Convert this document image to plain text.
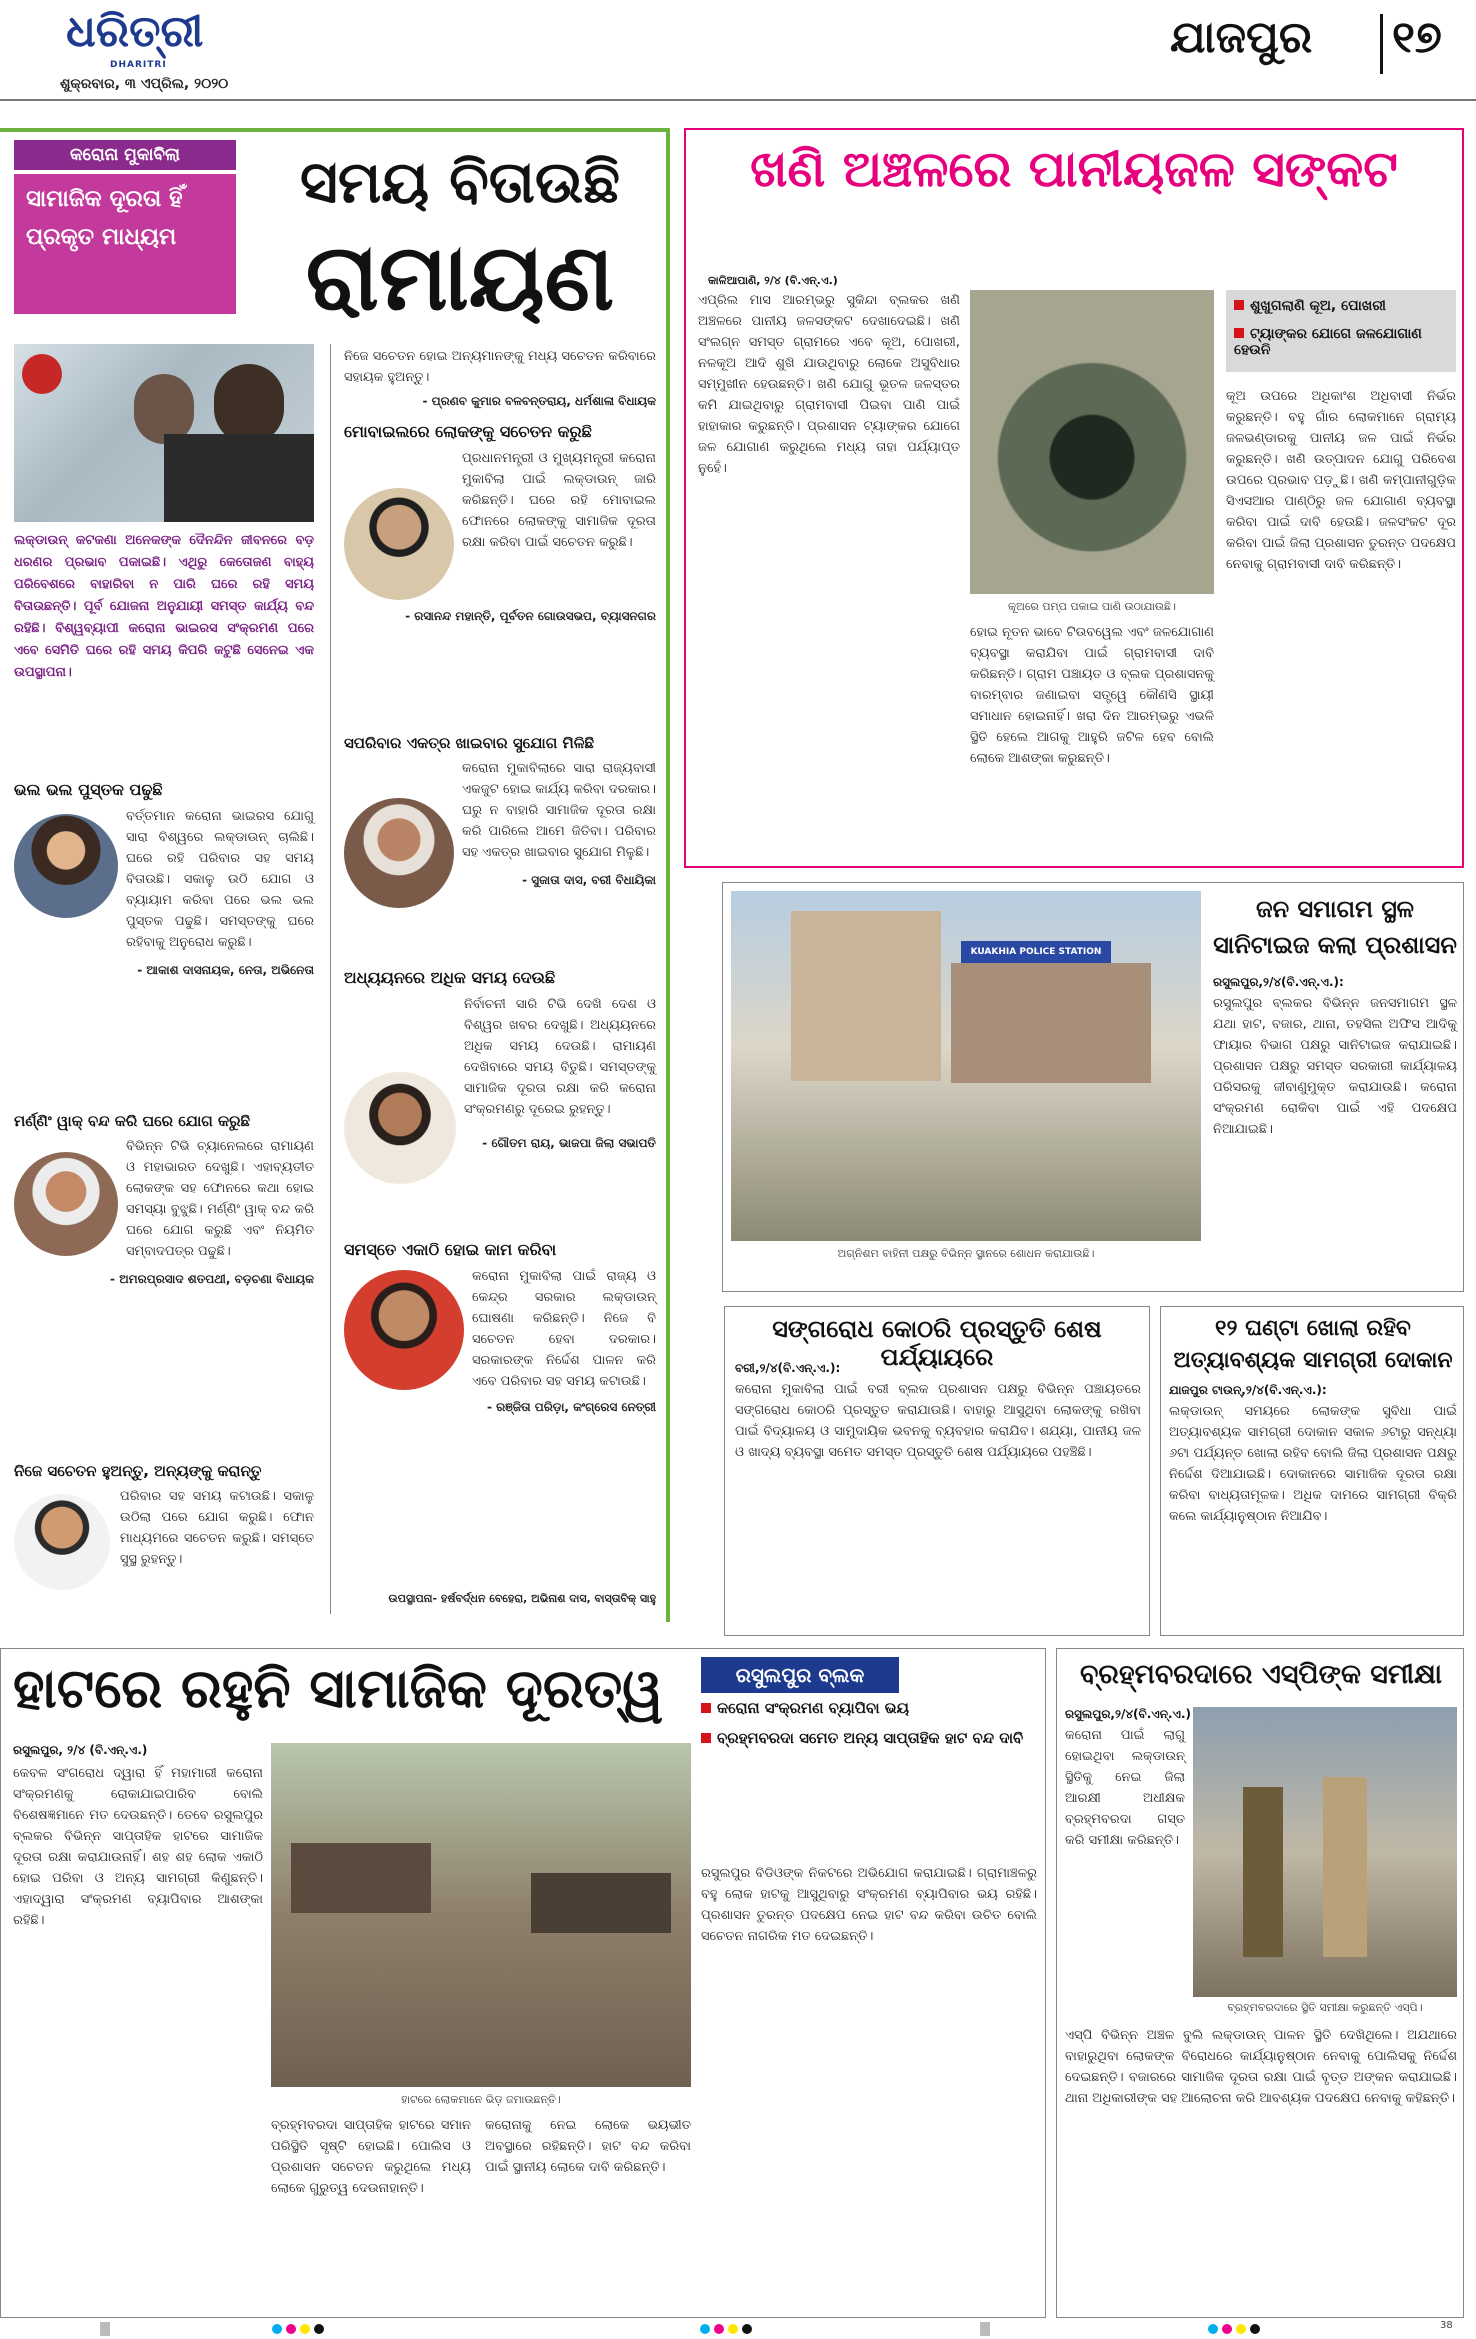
ଧରିତ୍ରୀ
DHARITRI
ଶୁକ୍ରବାର, ୩ ଏପ୍ରିଲ, ୨୦୨୦
ଯାଜପୁର ୧୭
କରୋନା ମୁକାବିଲା
ସାମାଜିକ ଦୂରତା ହିଁ ପ୍ରକୃତ ମାଧ୍ୟମ
ସମୟ ବିତାଉଛି
ରାମାୟଣ
ଲକ୍‌ଡାଉନ୍ କଟକଣା ଅନେକଙ୍କ ଦୈନନ୍ଦିନ ଜୀବନରେ ବଡ଼ ଧରଣର ପ୍ରଭାବ ପକାଇଛି। ଏଥିରୁ କେତୋଜଣ ବାହ୍ୟ ପରିବେଶରେ ବାହାରିବା ନ ପାରି ଘରେ ରହି ସମୟ ବିତାଉଛନ୍ତି। ପୂର୍ବ ଯୋଜନା ଅନୁଯାୟୀ ସମସ୍ତ କାର୍ଯ୍ୟ ବନ୍ଦ ରହିଛି। ବିଶ୍ୱବ୍ୟାପୀ କରୋନା ଭାଇରସ ସଂକ୍ରମଣ ପରେ ଏବେ ସେମିତି ଘରେ ରହି ସମୟ କିପରି କଟୁଛି ସେନେଇ ଏକ ଉପସ୍ଥାପନା।
ଭଲ ଭଲ ପୁସ୍ତକ ପଢୁଛି
ବର୍ତ୍ତମାନ କରୋନା ଭାଇରସ ଯୋଗୁ ସାରା ବିଶ୍ୱରେ ଲକ୍‌ଡାଉନ୍ ଚାଲିଛି। ଘରେ ରହି ପରିବାର ସହ ସମୟ ବିତାଉଛି। ସକାଳୁ ଉଠି ଯୋଗ ଓ ବ୍ୟାୟାମ କରିବା ପରେ ଭଲ ଭଲ ପୁସ୍ତକ ପଢୁଛି। ସମସ୍ତଙ୍କୁ ଘରେ ରହିବାକୁ ଅନୁରୋଧ କରୁଛି।
- ଆକାଶ ଦାସନାୟକ, ନେତା, ଅଭିନେତା
ମର୍ଣ୍ଣିଂ ୱାକ୍ ବନ୍ଦ କରି ଘରେ ଯୋଗ କରୁଛି
ବିଭିନ୍ନ ଟିଭି ଚ୍ୟାନେଲରେ ରାମାୟଣ ଓ ମହାଭାରତ ଦେଖୁଛି। ଏହାବ୍ୟତୀତ ଲୋକଙ୍କ ସହ ଫୋନରେ କଥା ହୋଇ ସମସ୍ୟା ବୁଝୁଛି। ମର୍ଣ୍ଣିଂ ୱାକ୍ ବନ୍ଦ କରି ଘରେ ଯୋଗ କରୁଛି ଏବଂ ନିୟମିତ ସମ୍ବାଦପତ୍ର ପଢୁଛି।
- ଅମରପ୍ରସାଦ ଶତପଥୀ, ବଡ଼ଚଣା ବିଧାୟକ
ନିଜେ ସଚେତନ ହୁଅନ୍ତୁ, ଅନ୍ୟଙ୍କୁ କରାନ୍ତୁ
ପରିବାର ସହ ସମୟ କଟାଉଛି। ସକାଳୁ ଉଠିଲା ପରେ ଯୋଗ କରୁଛି। ଫୋନ ମାଧ୍ୟମରେ ସଚେତନ କରୁଛି। ସମସ୍ତେ ସୁସ୍ଥ ରୁହନ୍ତୁ।
ନିଜେ ସଚେତନ ହୋଇ ଅନ୍ୟମାନଙ୍କୁ ମଧ୍ୟ ସଚେତନ କରିବାରେ ସହାୟକ ହୁଅନ୍ତୁ।
- ପ୍ରଣବ କୁମାର ବଳବନ୍ତରାୟ, ଧର୍ମଶାଳା ବିଧାୟକ
ମୋବାଇଲରେ ଲୋକଙ୍କୁ ସଚେତନ କରୁଛି
ପ୍ରଧାନମନ୍ତ୍ରୀ ଓ ମୁଖ୍ୟମନ୍ତ୍ରୀ କରୋନା ମୁକାବିଲା ପାଇଁ ଲକ୍‌ଡାଉନ୍ ଜାରି କରିଛନ୍ତି। ଘରେ ରହି ମୋବାଇଲ ଫୋନରେ ଲୋକଙ୍କୁ ସାମାଜିକ ଦୂରତା ରକ୍ଷା କରିବା ପାଇଁ ସଚେତନ କରୁଛି।
- ରସାନନ୍ଦ ମହାନ୍ତି, ପୂର୍ବତନ ଗୋଉସଭପ, ବ୍ୟାସନଗର
ସପରିବାର ଏକତ୍ର ଖାଇବାର ସୁଯୋଗ ମିଳିଛି
କରୋନା ମୁକାବିଲାରେ ସାରା ରାଜ୍ୟବାସୀ ଏକଜୁଟ ହୋଇ କାର୍ଯ୍ୟ କରିବା ଦରକାର। ଘରୁ ନ ବାହାରି ସାମାଜିକ ଦୂରତା ରକ୍ଷା କରି ପାରିଲେ ଆମେ ଜିତିବା। ପରିବାର ସହ ଏକତ୍ର ଖାଇବାର ସୁଯୋଗ ମିଳୁଛି।
- ସୁଜାତା ଦାସ, ବରୀ ବିଧାୟିକା
ଅଧ୍ୟୟନରେ ଅଧିକ ସମୟ ଦେଉଛି
ନିର୍ବାଚନୀ ସାରି ଟିଭି ଦେଖି ଦେଶ ଓ ବିଶ୍ୱର ଖବର ଦେଖୁଛି। ଅଧ୍ୟୟନରେ ଅଧିକ ସମୟ ଦେଉଛି। ରାମାୟଣ ଦେଖିବାରେ ସମୟ ବିତୁଛି। ସମସ୍ତଙ୍କୁ ସାମାଜିକ ଦୂରତା ରକ୍ଷା କରି କରୋନା ସଂକ୍ରମଣରୁ ଦୂରେଇ ରୁହନ୍ତୁ।
- ଗୌତମ ରାୟ, ଭାଜପା ଜିଲା ସଭାପତି
ସମସ୍ତେ ଏକାଠି ହୋଇ କାମ କରିବା
କରୋନା ମୁକାବିଲା ପାଇଁ ରାଜ୍ୟ ଓ କେନ୍ଦ୍ର ସରକାର ଲକ୍‌ଡାଉନ୍ ଘୋଷଣା କରିଛନ୍ତି। ନିଜେ ବି ସଚେତନ ହେବା ଦରକାର। ସରକାରଙ୍କ ନିର୍ଦ୍ଦେଶ ପାଳନ କରି ଏବେ ପରିବାର ସହ ସମୟ କଟାଉଛି।
- ରଞ୍ଜିତା ପରିଡ଼ା, କଂଗ୍ରେସ ନେତ୍ରୀ
ଉପସ୍ଥାପନା- ହର୍ଷବର୍ଦ୍ଧନ ବେହେରା, ଅଭିନାଶ ଦାସ, ବାସ୍ତାବିକ୍ ସାହୁ
ଖଣି ଅଞ୍ଚଳରେ ପାନୀୟଜଳ ସଙ୍କଟ
କାଳିଆପାଣି, ୨/୪ (ବି.ଏନ୍.ଏ.)
ଏପ୍ରିଲ ମାସ ଆରମ୍ଭରୁ ସୁକିନ୍ଦା ବ୍ଲକର ଖଣି ଅଞ୍ଚଳରେ ପାନୀୟ ଜଳସଙ୍କଟ ଦେଖାଦେଇଛି। ଖଣି ସଂଲଗ୍ନ ସମସ୍ତ ଗ୍ରାମରେ ଏବେ କୂଅ, ପୋଖରୀ, ନଳକୂଅ ଆଦି ଶୁଖି ଯାଉଥିବାରୁ ଲୋକେ ଅସୁବିଧାର ସମ୍ମୁଖୀନ ହେଉଛନ୍ତି। ଖଣି ଯୋଗୁ ଭୂତଳ ଜଳସ୍ତର କମି ଯାଇଥିବାରୁ ଗ୍ରାମବାସୀ ପିଇବା ପାଣି ପାଇଁ ହାହାକାର କରୁଛନ୍ତି। ପ୍ରଶାସନ ଟ୍ୟାଙ୍କର ଯୋଗେ ଜଳ ଯୋଗାଣ କରୁଥିଲେ ମଧ୍ୟ ତାହା ପର୍ଯ୍ୟାପ୍ତ ନୁହେଁ।
କୂଅରେ ପମ୍ପ ପକାଇ ପାଣି ଉଠାଯାଉଛି।
ହୋଇ ନୂତନ ଭାବେ ଟିଉବୱେଲ ଏବଂ ଜଳଯୋଗାଣ ବ୍ୟବସ୍ଥା କରାଯିବା ପାଇଁ ଗ୍ରାମବାସୀ ଦାବି କରିଛନ୍ତି। ଗ୍ରାମ ପଞ୍ଚାୟତ ଓ ବ୍ଲକ ପ୍ରଶାସନକୁ ବାରମ୍ବାର ଜଣାଇବା ସତ୍ତ୍ୱେ କୌଣସି ସ୍ଥାୟୀ ସମାଧାନ ହୋଇନାହିଁ। ଖରା ଦିନ ଆରମ୍ଭରୁ ଏଭଳି ସ୍ଥିତି ହେଲେ ଆଗକୁ ଆହୁରି ଜଟିଳ ହେବ ବୋଲି ଲୋକେ ଆଶଙ୍କା କରୁଛନ୍ତି।
ଶୁଖୁଗଲାଣି କୂଅ, ପୋଖରୀ
ଟ୍ୟାଙ୍କର ଯୋଗେ ଜଳଯୋଗାଣ ହେଉନି
କୂଅ ଉପରେ ଅଧିକାଂଶ ଅଧିବାସୀ ନିର୍ଭର କରୁଛନ୍ତି। ବହୁ ଗାଁର ଲୋକମାନେ ଗ୍ରାମ୍ୟ ଜଳଭଣ୍ଡାରକୁ ପାନୀୟ ଜଳ ପାଇଁ ନିର୍ଭର କରୁଛନ୍ତି। ଖଣି ଉତ୍ପାଦନ ଯୋଗୁ ପରିବେଶ ଉପରେ ପ୍ରଭାବ ପଡ଼ୁଛି। ଖଣି କମ୍ପାନୀଗୁଡ଼ିକ ସିଏସଆର ପାଣ୍ଠିରୁ ଜଳ ଯୋଗାଣ ବ୍ୟବସ୍ଥା କରିବା ପାଇଁ ଦାବି ହେଉଛି। ଜଳସଂକଟ ଦୂର କରିବା ପାଇଁ ଜିଲା ପ୍ରଶାସନ ତୁରନ୍ତ ପଦକ୍ଷେପ ନେବାକୁ ଗ୍ରାମବାସୀ ଦାବି କରିଛନ୍ତି।
KUAKHIA POLICE STATION
ଅଗ୍ନିଶମ ବାହିନୀ ପକ୍ଷରୁ ବିଭିନ୍ନ ସ୍ଥାନରେ ଶୋଧନ କରାଯାଉଛି।
ଜନ ସମାଗମ ସ୍ଥଳ ସାନିଟାଇଜ କଲା ପ୍ରଶାସନ
ରସୁଲପୁର,୨/୪(ବି.ଏନ୍.ଏ.):
ରସୁଲପୁର ବ୍ଲକର ବିଭିନ୍ନ ଜନସମାଗମ ସ୍ଥଳ ଯଥା ହାଟ, ବଜାର, ଥାନା, ତହସିଲ ଅଫିସ ଆଦିକୁ ଫାୟାର ବିଭାଗ ପକ୍ଷରୁ ସାନିଟାଇଜ କରାଯାଇଛି। ପ୍ରଶାସନ ପକ୍ଷରୁ ସମସ୍ତ ସରକାରୀ କାର୍ଯ୍ୟାଳୟ ପରିସରକୁ ଜୀବାଣୁମୁକ୍ତ କରାଯାଉଛି। କରୋନା ସଂକ୍ରମଣ ରୋକିବା ପାଇଁ ଏହି ପଦକ୍ଷେପ ନିଆଯାଇଛି।
ସଙ୍ଗରୋଧ କୋଠରି ପ୍ରସ୍ତୁତି ଶେଷ ପର୍ଯ୍ୟାୟରେ
ବରୀ,୨/୪(ବି.ଏନ୍.ଏ.):
କରୋନା ମୁକାବିଲା ପାଇଁ ବରୀ ବ୍ଲକ ପ୍ରଶାସନ ପକ୍ଷରୁ ବିଭିନ୍ନ ପଞ୍ଚାୟତରେ ସଙ୍ଗରୋଧ କୋଠରି ପ୍ରସ୍ତୁତ କରାଯାଉଛି। ବାହାରୁ ଆସୁଥିବା ଲୋକଙ୍କୁ ରଖିବା ପାଇଁ ବିଦ୍ୟାଳୟ ଓ ସାମୁଦାୟିକ ଭବନକୁ ବ୍ୟବହାର କରାଯିବ। ଶଯ୍ୟା, ପାନୀୟ ଜଳ ଓ ଖାଦ୍ୟ ବ୍ୟବସ୍ଥା ସମେତ ସମସ୍ତ ପ୍ରସ୍ତୁତି ଶେଷ ପର୍ଯ୍ୟାୟରେ ପହଞ୍ଚିଛି।
୧୨ ଘଣ୍ଟା ଖୋଲା ରହିବ ଅତ୍ୟାବଶ୍ୟକ ସାମଗ୍ରୀ ଦୋକାନ
ଯାଜପୁର ଟାଉନ୍,୨/୪(ବି.ଏନ୍.ଏ.):
ଲକ୍‌ଡାଉନ୍ ସମୟରେ ଲୋକଙ୍କ ସୁବିଧା ପାଇଁ ଅତ୍ୟାବଶ୍ୟକ ସାମଗ୍ରୀ ଦୋକାନ ସକାଳ ୬ଟାରୁ ସନ୍ଧ୍ୟା ୬ଟା ପର୍ଯ୍ୟନ୍ତ ଖୋଲା ରହିବ ବୋଲି ଜିଲା ପ୍ରଶାସନ ପକ୍ଷରୁ ନିର୍ଦ୍ଦେଶ ଦିଆଯାଇଛି। ଦୋକାନରେ ସାମାଜିକ ଦୂରତା ରକ୍ଷା କରିବା ବାଧ୍ୟତାମୂଳକ। ଅଧିକ ଦାମରେ ସାମଗ୍ରୀ ବିକ୍ରି କଲେ କାର୍ଯ୍ୟାନୁଷ୍ଠାନ ନିଆଯିବ।
ହାଟରେ ରହୁନି ସାମାଜିକ ଦୂରତ୍ୱ	ରସୁଲପୁର ବ୍ଲକ
କରୋନା ସଂକ୍ରମଣ ବ୍ୟାପିବା ଭୟ
ବ୍ରହ୍ମବରଦା ସମେତ ଅନ୍ୟ ସାପ୍ତାହିକ ହାଟ ବନ୍ଦ ଦାବି
ରସୁଲପୁର, ୨/୪ (ବି.ଏନ୍.ଏ.)
କେବଳ ସଂଗରୋଧ ଦ୍ୱାରା ହିଁ ମହାମାରୀ କରୋନା ସଂକ୍ରମଣକୁ ରୋକାଯାଇପାରିବ ବୋଲି ବିଶେଷଜ୍ଞମାନେ ମତ ଦେଉଛନ୍ତି। ତେବେ ରସୁଲପୁର ବ୍ଲକର ବିଭିନ୍ନ ସାପ୍ତାହିକ ହାଟରେ ସାମାଜିକ ଦୂରତା ରକ୍ଷା କରାଯାଉନାହିଁ। ଶହ ଶହ ଲୋକ ଏକାଠି ହୋଇ ପରିବା ଓ ଅନ୍ୟ ସାମଗ୍ରୀ କିଣୁଛନ୍ତି। ଏହାଦ୍ୱାରା ସଂକ୍ରମଣ ବ୍ୟାପିବାର ଆଶଙ୍କା ରହିଛି।
ହାଟରେ ଲୋକମାନେ ଭିଡ଼ ଜମାଉଛନ୍ତି।
ବ୍ରହ୍ମବରଦା ସାପ୍ତାହିକ ହାଟରେ ସମାନ ପରିସ୍ଥିତି ସୃଷ୍ଟି ହୋଇଛି। ପୋଲିସ ଓ ପ୍ରଶାସନ ସଚେତନ କରୁଥିଲେ ମଧ୍ୟ ଲୋକେ ଗୁରୁତ୍ୱ ଦେଉନାହାନ୍ତି।
କରୋନାକୁ ନେଇ ଲୋକେ ଭୟଭୀତ ଅବସ୍ଥାରେ ରହିଛନ୍ତି। ହାଟ ବନ୍ଦ କରିବା ପାଇଁ ସ୍ଥାନୀୟ ଲୋକେ ଦାବି କରିଛନ୍ତି।
ରସୁଲପୁର ବିଡିଓଙ୍କ ନିକଟରେ ଅଭିଯୋଗ କରାଯାଇଛି। ଗ୍ରାମାଞ୍ଚଳରୁ ବହୁ ଲୋକ ହାଟକୁ ଆସୁଥିବାରୁ ସଂକ୍ରମଣ ବ୍ୟାପିବାର ଭୟ ରହିଛି। ପ୍ରଶାସନ ତୁରନ୍ତ ପଦକ୍ଷେପ ନେଇ ହାଟ ବନ୍ଦ କରିବା ଉଚିତ ବୋଲି ସଚେତନ ନାଗରିକ ମତ ଦେଇଛନ୍ତି।
ବ୍ରହ୍ମବରଦାରେ ଏସ୍‌ପିଙ୍କ ସମୀକ୍ଷା
ରସୁଲପୁର,୨/୪(ବି.ଏନ୍.ଏ.)
କରୋନା ପାଇଁ ଲାଗୁ ହୋଇଥିବା ଲକ୍‌ଡାଉନ୍ ସ୍ଥିତିକୁ ନେଇ ଜିଲା ଆରକ୍ଷୀ ଅଧୀକ୍ଷକ ବ୍ରହ୍ମବରଦା ଗସ୍ତ କରି ସମୀକ୍ଷା କରିଛନ୍ତି।
ବ୍ରହ୍ମବରଦାରେ ସ୍ଥିତି ସମୀକ୍ଷା କରୁଛନ୍ତି ଏସ୍‌ପି।
ଏସ୍‌ପି ବିଭିନ୍ନ ଅଞ୍ଚଳ ବୁଲି ଲକ୍‌ଡାଉନ୍ ପାଳନ ସ୍ଥିତି ଦେଖିଥିଲେ। ଅଯଥାରେ ବାହାରୁଥିବା ଲୋକଙ୍କ ବିରୋଧରେ କାର୍ଯ୍ୟାନୁଷ୍ଠାନ ନେବାକୁ ପୋଲିସକୁ ନିର୍ଦ୍ଦେଶ ଦେଇଛନ୍ତି। ବଜାରରେ ସାମାଜିକ ଦୂରତା ରକ୍ଷା ପାଇଁ ବୃତ୍ତ ଅଙ୍କନ କରାଯାଇଛି। ଥାନା ଅଧିକାରୀଙ୍କ ସହ ଆଲୋଚନା କରି ଆବଶ୍ୟକ ପଦକ୍ଷେପ ନେବାକୁ କହିଛନ୍ତି।
38
